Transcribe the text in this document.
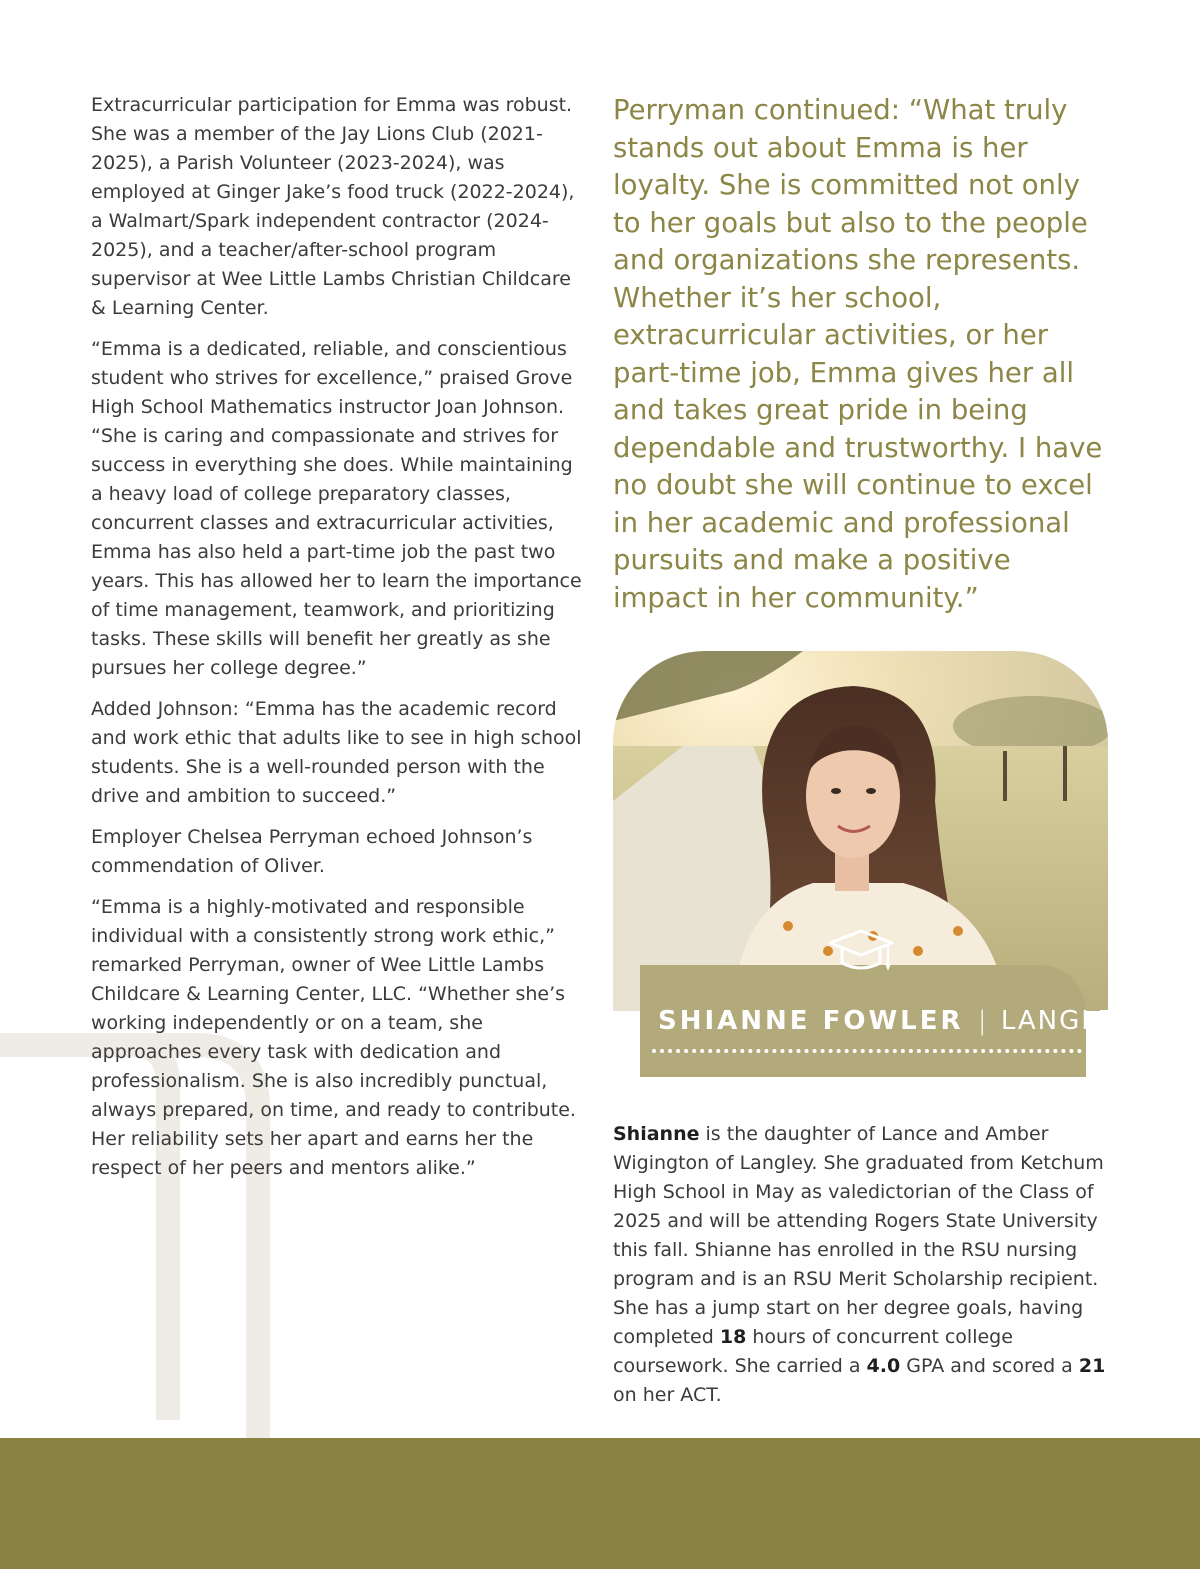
Extracurricular participation for Emma was robust. She was a member of the Jay Lions Club (2021-2025), a Parish Volunteer (2023-2024), was employed at Ginger Jake’s food truck (2022-2024), a Walmart/Spark independent contractor (2024-2025), and a teacher/after-school program supervisor at Wee Little Lambs Christian Childcare & Learning Center.

“Emma is a dedicated, reliable, and conscientious student who strives for excellence,” praised Grove High School Mathematics instructor Joan Johnson. “She is caring and compassionate and strives for success in everything she does. While maintaining a heavy load of college preparatory classes, concurrent classes and extracurricular activities, Emma has also held a part-time job the past two years. This has allowed her to learn the importance of time management, teamwork, and prioritizing tasks. These skills will benefit her greatly as she pursues her college degree.”

Added Johnson: “Emma has the academic record and work ethic that adults like to see in high school students. She is a well-rounded person with the drive and ambition to succeed.”

Employer Chelsea Perryman echoed Johnson’s commendation of Oliver.

“Emma is a highly-motivated and responsible individual with a consistently strong work ethic,” remarked Perryman, owner of Wee Little Lambs Childcare & Learning Center, LLC. “Whether she’s working independently or on a team, she approaches every task with dedication and professionalism. She is also incredibly punctual, always prepared, on time, and ready to contribute. Her reliability sets her apart and earns her the respect of her peers and mentors alike.”

Perryman continued: “What truly stands out about Emma is her loyalty. She is committed not only to her goals but also to the people and organizations she represents. Whether it’s her school, extracurricular activities, or her part-time job, Emma gives her all and takes great pride in being dependable and trustworthy. I have no doubt she will continue to excel in her academic and professional pursuits and make a positive impact in her community.”

SHIANNE FOWLER | LANGLEY

Shianne is the daughter of Lance and Amber Wigington of Langley. She graduated from Ketchum High School in May as valedictorian of the Class of 2025 and will be attending Rogers State University this fall. Shianne has enrolled in the RSU nursing program and is an RSU Merit Scholarship recipient. She has a jump start on her degree goals, having completed 18 hours of concurrent college coursework. She carried a 4.0 GPA and scored a 21 on her ACT.
